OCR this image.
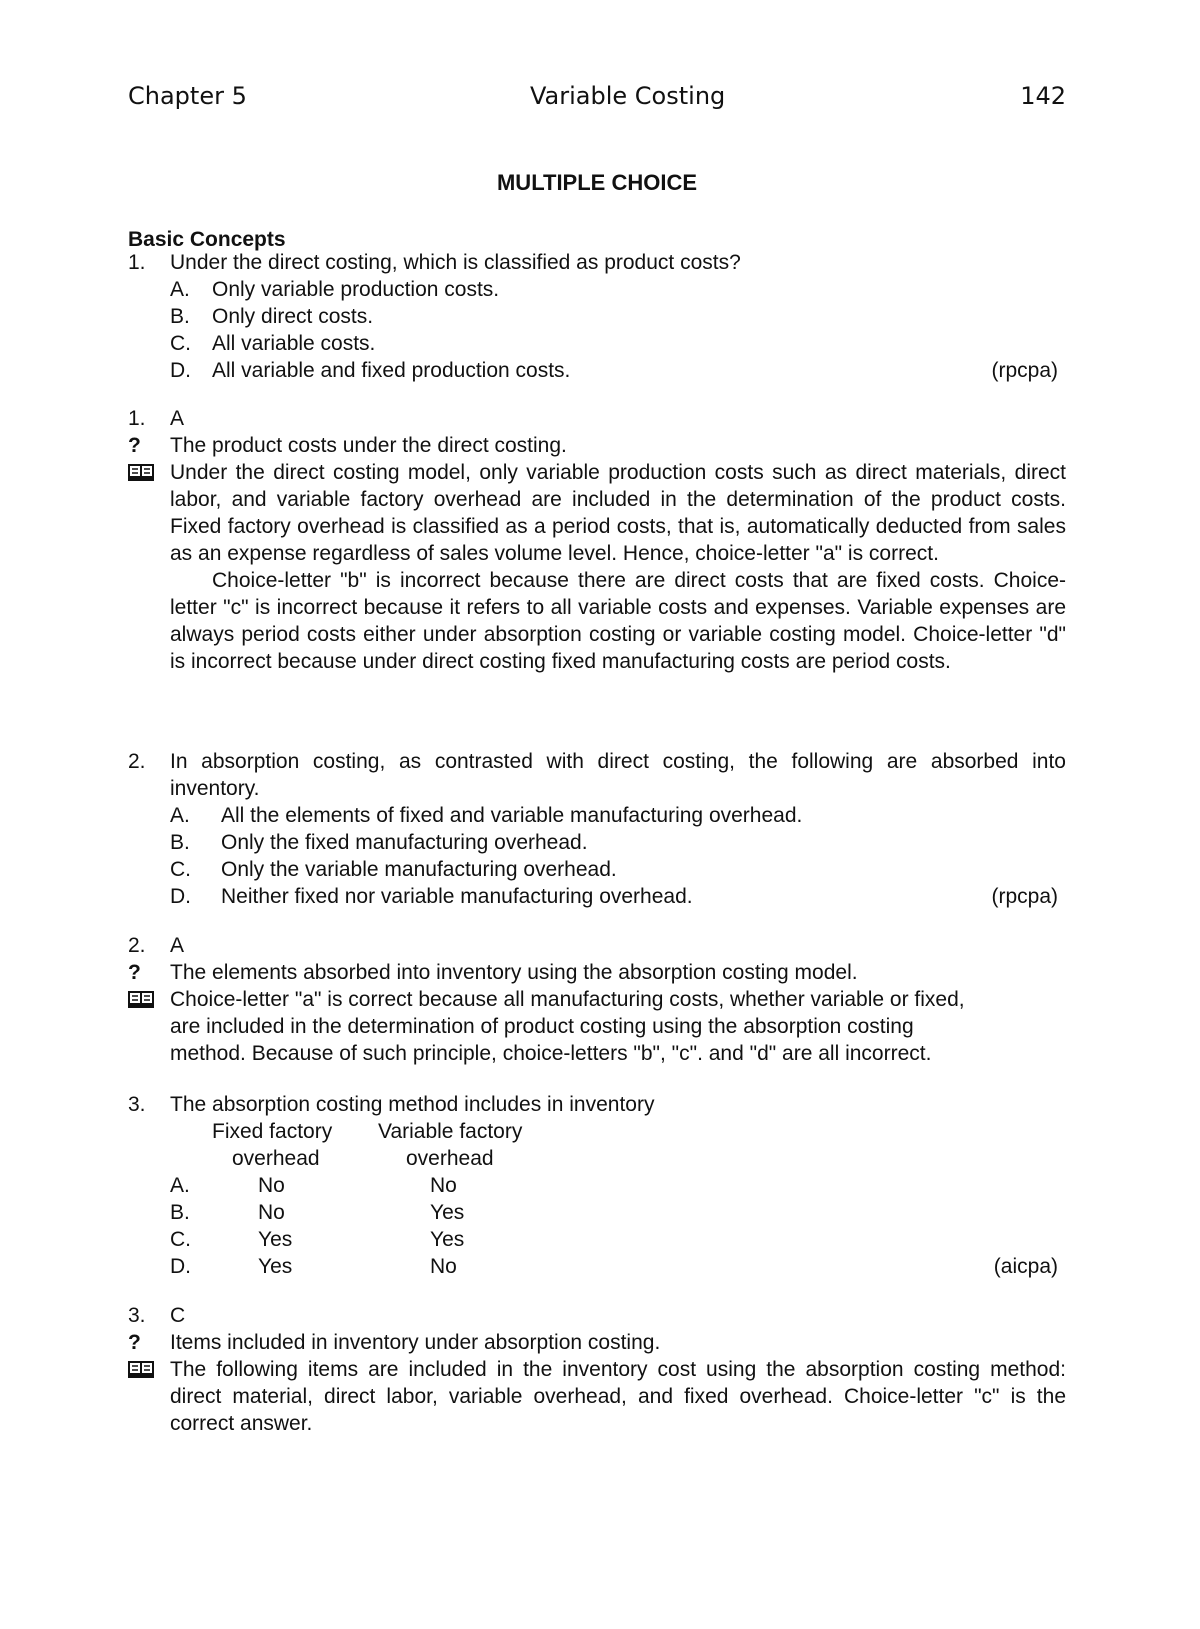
Chapter 5	Variable Costing	142
MULTIPLE CHOICE
Basic Concepts
1. Under the direct costing, which is classified as product costs?
A. Only variable production costs.
B. Only direct costs.
C. All variable costs.
D. All variable and fixed production costs.	(rpcpa)
1. A
? The product costs under the direct costing.
Under the direct costing model, only variable production costs such as direct materials, direct labor, and variable factory overhead are included in the determination of the product costs. Fixed factory overhead is classified as a period costs, that is, automatically deducted from sales as an expense regardless of sales volume level. Hence, choice-letter "a" is correct.
Choice-letter "b" is incorrect because there are direct costs that are fixed costs. Choice-letter "c" is incorrect because it refers to all variable costs and expenses. Variable expenses are always period costs either under absorption costing or variable costing model. Choice-letter "d" is incorrect because under direct costing fixed manufacturing costs are period costs.
2. In absorption costing, as contrasted with direct costing, the following are absorbed into inventory.
A. All the elements of fixed and variable manufacturing overhead.
B. Only the fixed manufacturing overhead.
C. Only the variable manufacturing overhead.
D. Neither fixed nor variable manufacturing overhead.	(rpcpa)
2. A
? The elements absorbed into inventory using the absorption costing model.
Choice-letter "a" is correct because all manufacturing costs, whether variable or fixed,
are included in the determination of product costing using the absorption costing
method. Because of such principle, choice-letters "b", "c". and "d" are all incorrect.
3. The absorption costing method includes in inventory
Fixed factory Variable factory
overhead	overhead
A.	No	No
B.	No	Yes
C.	Yes	Yes
D.	Yes	No	(aicpa)
3. C
? Items included in inventory under absorption costing.
The following items are included in the inventory cost using the absorption costing method: direct material, direct labor, variable overhead, and fixed overhead. Choice-letter "c" is the correct answer.
